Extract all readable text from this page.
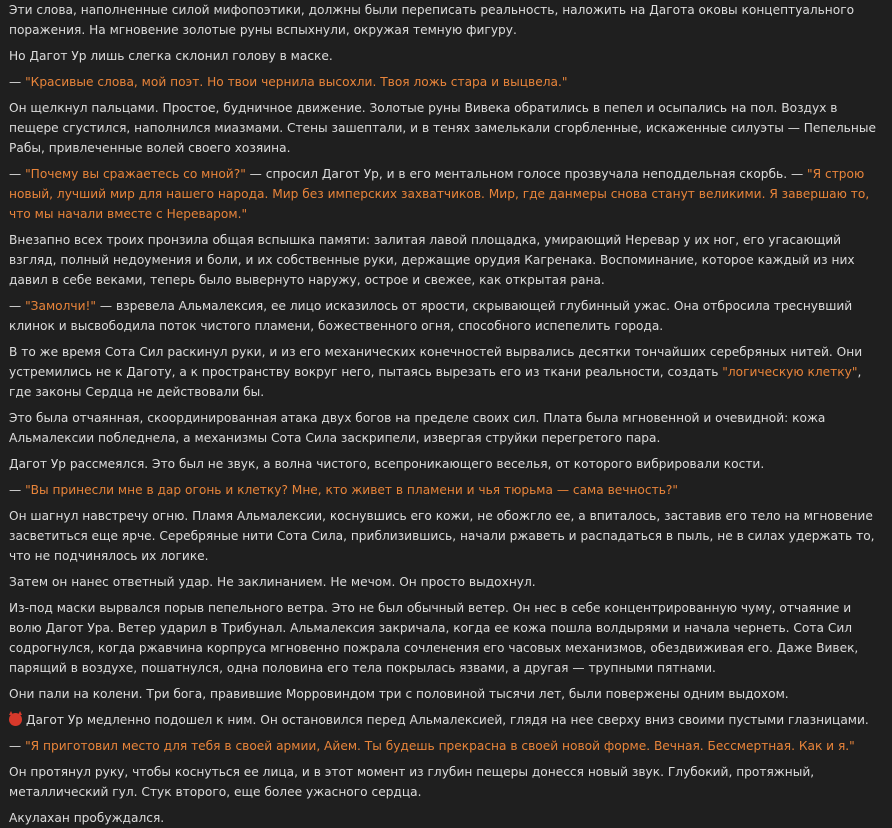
Эти слова, наполненные силой мифопоэтики, должны были переписать реальность, наложить на Дагота оковы концептуального поражения. На мгновение золотые руны вспыхнули, окружая темную фигуру.

Но Дагот Ур лишь слегка склонил голову в маске.

— "Красивые слова, мой поэт. Но твои чернила высохли. Твоя ложь стара и выцвела."

Он щелкнул пальцами. Простое, будничное движение. Золотые руны Вивека обратились в пепел и осыпались на пол. Воздух в пещере сгустился, наполнился миазмами. Стены зашептали, и в тенях замелькали сгорбленные, искаженные силуэты — Пепельные Рабы, привлеченные волей своего хозяина.

— "Почему вы сражаетесь со мной?" — спросил Дагот Ур, и в его ментальном голосе прозвучала неподдельная скорбь. — "Я строю новый, лучший мир для нашего народа. Мир без имперских захватчиков. Мир, где данмеры снова станут великими. Я завершаю то, что мы начали вместе с Нереваром."

Внезапно всех троих пронзила общая вспышка памяти: залитая лавой площадка, умирающий Неревар у их ног, его угасающий взгляд, полный недоумения и боли, и их собственные руки, держащие орудия Кагренака. Воспоминание, которое каждый из них давил в себе веками, теперь было вывернуто наружу, острое и свежее, как открытая рана.

— "Замолчи!" — взревела Альмалексия, ее лицо исказилось от ярости, скрывающей глубинный ужас. Она отбросила треснувший клинок и высвободила поток чистого пламени, божественного огня, способного испепелить города.

В то же время Сота Сил раскинул руки, и из его механических конечностей вырвались десятки тончайших серебряных нитей. Они устремились не к Даготу, а к пространству вокруг него, пытаясь вырезать его из ткани реальности, создать "логическую клетку", где законы Сердца не действовали бы.

Это была отчаянная, скоординированная атака двух богов на пределе своих сил. Плата была мгновенной и очевидной: кожа Альмалексии побледнела, а механизмы Сота Сила заскрипели, извергая струйки перегретого пара.

Дагот Ур рассмеялся. Это был не звук, а волна чистого, всепроникающего веселья, от которого вибрировали кости.

— "Вы принесли мне в дар огонь и клетку? Мне, кто живет в пламени и чья тюрьма — сама вечность?"

Он шагнул навстречу огню. Пламя Альмалексии, коснувшись его кожи, не обожгло ее, а впиталось, заставив его тело на мгновение засветиться еще ярче. Серебряные нити Сота Сила, приблизившись, начали ржаветь и распадаться в пыль, не в силах удержать то, что не подчинялось их логике.

Затем он нанес ответный удар. Не заклинанием. Не мечом. Он просто выдохнул.

Из-под маски вырвался порыв пепельного ветра. Это не был обычный ветер. Он нес в себе концентрированную чуму, отчаяние и волю Дагот Ура. Ветер ударил в Трибунал. Альмалексия закричала, когда ее кожа пошла волдырями и начала чернеть. Сота Сил содрогнулся, когда ржавчина корпруса мгновенно пожрала сочленения его часовых механизмов, обездвиживая его. Даже Вивек, парящий в воздухе, пошатнулся, одна половина его тела покрылась язвами, а другая — трупными пятнами.

Они пали на колени. Три бога, правившие Морровиндом три с половиной тысячи лет, были повержены одним выдохом.

Дагот Ур медленно подошел к ним. Он остановился перед Альмалексией, глядя на нее сверху вниз своими пустыми глазницами.

— "Я приготовил место для тебя в своей армии, Айем. Ты будешь прекрасна в своей новой форме. Вечная. Бессмертная. Как и я."

Он протянул руку, чтобы коснуться ее лица, и в этот момент из глубин пещеры донесся новый звук. Глубокий, протяжный, металлический гул. Стук второго, еще более ужасного сердца.

Акулахан пробуждался.
